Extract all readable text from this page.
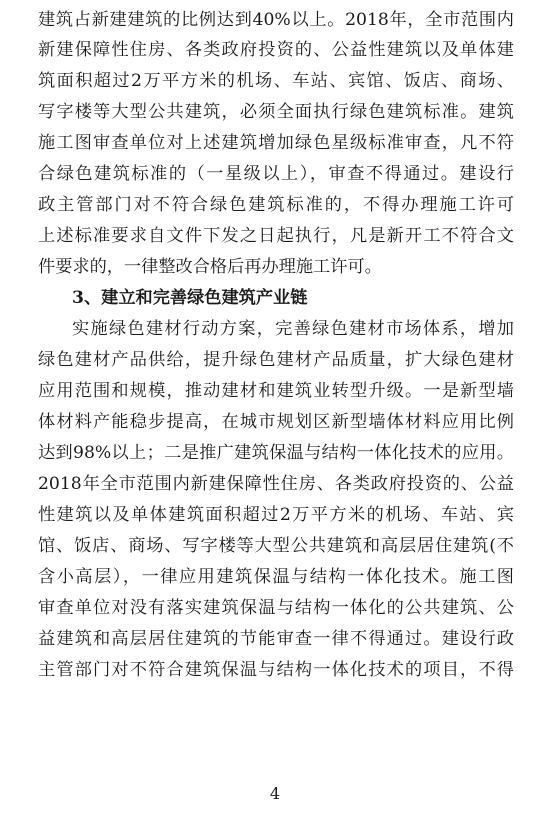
建筑占新建建筑的比例达到40%以上。2018年，全市范围内
新建保障性住房、各类政府投资的、公益性建筑以及单体建
筑面积超过2万平方米的机场、车站、宾馆、饭店、商场、
写字楼等大型公共建筑，必须全面执行绿色建筑标准。建筑
施工图审查单位对上述建筑增加绿色星级标准审查，凡不符
合绿色建筑标准的（一星级以上），审查不得通过。建设行
政主管部门对不符合绿色建筑标准的，不得办理施工许可
上述标准要求自文件下发之日起执行，凡是新开工不符合文
件要求的，一律整改合格后再办理施工许可。
3、建立和完善绿色建筑产业链
实施绿色建材行动方案，完善绿色建材市场体系，增加
绿色建材产品供给，提升绿色建材产品质量，扩大绿色建材
应用范围和规模，推动建材和建筑业转型升级。一是新型墙
体材料产能稳步提高，在城市规划区新型墙体材料应用比例
达到98%以上；二是推广建筑保温与结构一体化技术的应用。
2018年全市范围内新建保障性住房、各类政府投资的、公益
性建筑以及单体建筑面积超过2万平方米的机场、车站、宾
馆、饭店、商场、写字楼等大型公共建筑和高层居住建筑(不
含小高层），一律应用建筑保温与结构一体化技术。施工图
审查单位对没有落实建筑保温与结构一体化的公共建筑、公
益建筑和高层居住建筑的节能审查一律不得通过。建设行政
主管部门对不符合建筑保温与结构一体化技术的项目，不得
4
